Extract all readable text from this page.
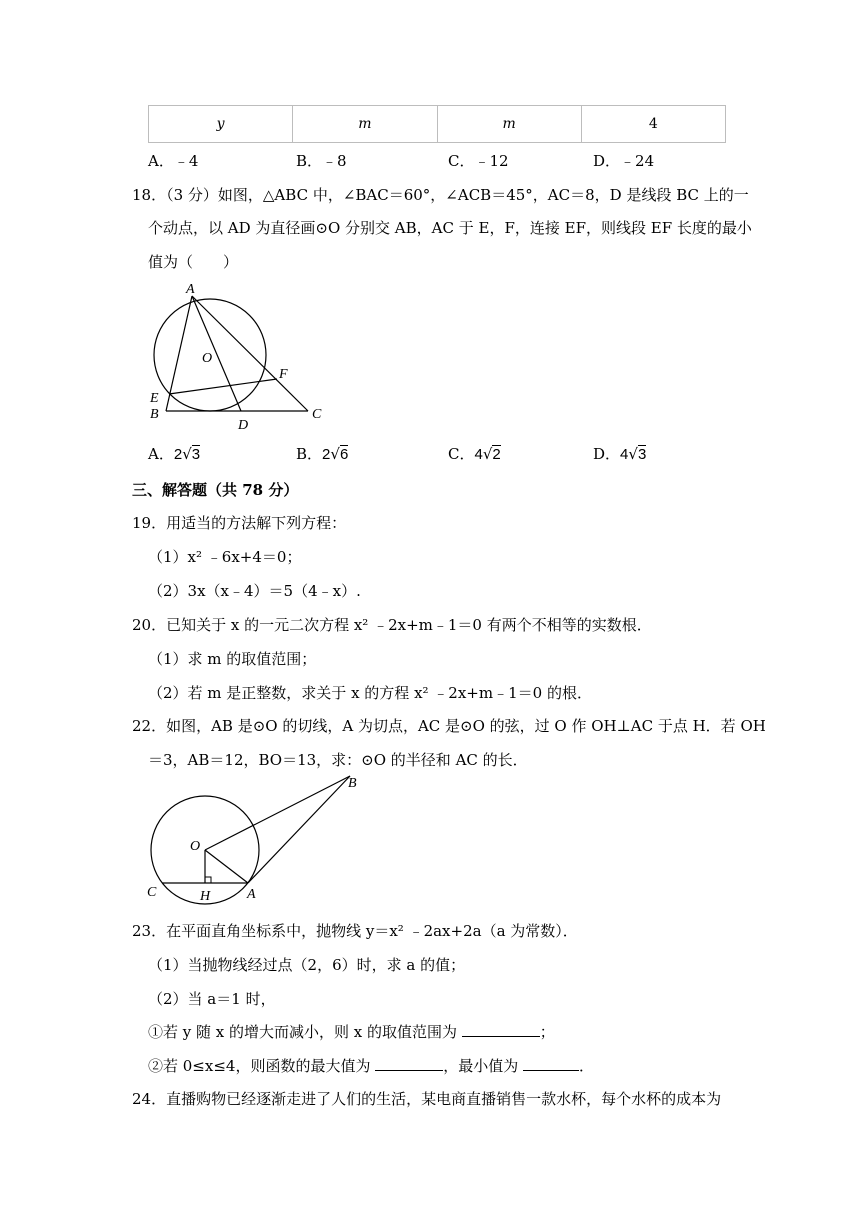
y	m	m	4
A．﹣4	B．﹣8	C．﹣12	D．﹣24
18．（3 分）如图，△ABC 中，∠BAC＝60°，∠ACB＝45°，AC＝8，D 是线段 BC 上的一
个动点，以 AD 为直径画⊙O 分别交 AB，AC 于 E，F，连接 EF，则线段 EF 长度的最小
值为（　　）
A
O
E
F
B
D
C
A．2√3	B．2√6	C．4√2	D．4√3
三、解答题（共 78 分）
19．用适当的方法解下列方程：
（1）x² ﹣6x+4＝0；
（2）3x（x﹣4）＝5（4﹣x）.
20．已知关于 x 的一元二次方程 x² ﹣2x+m﹣1＝0 有两个不相等的实数根．
（1）求 m 的取值范围；
（2）若 m 是正整数，求关于 x 的方程 x² ﹣2x+m﹣1＝0 的根．
22．如图，AB 是⊙O 的切线，A 为切点，AC 是⊙O 的弦，过 O 作 OH⊥AC 于点 H．若 OH
＝3，AB＝12，BO＝13，求：⊙O 的半径和 AC 的长．
B
O
C	H	A
23．在平面直角坐标系中，抛物线 y＝x² ﹣2ax+2a（a 为常数）．
（1）当抛物线经过点（2，6）时，求 a 的值；
（2）当 a＝1 时，
①若 y 随 x 的增大而减小，则 x 的取值范围为	；
②若 0≤x≤4，则函数的最大值为	，最小值为	．
24．直播购物已经逐渐走进了人们的生活，某电商直播销售一款水杯，每个水杯的成本为
